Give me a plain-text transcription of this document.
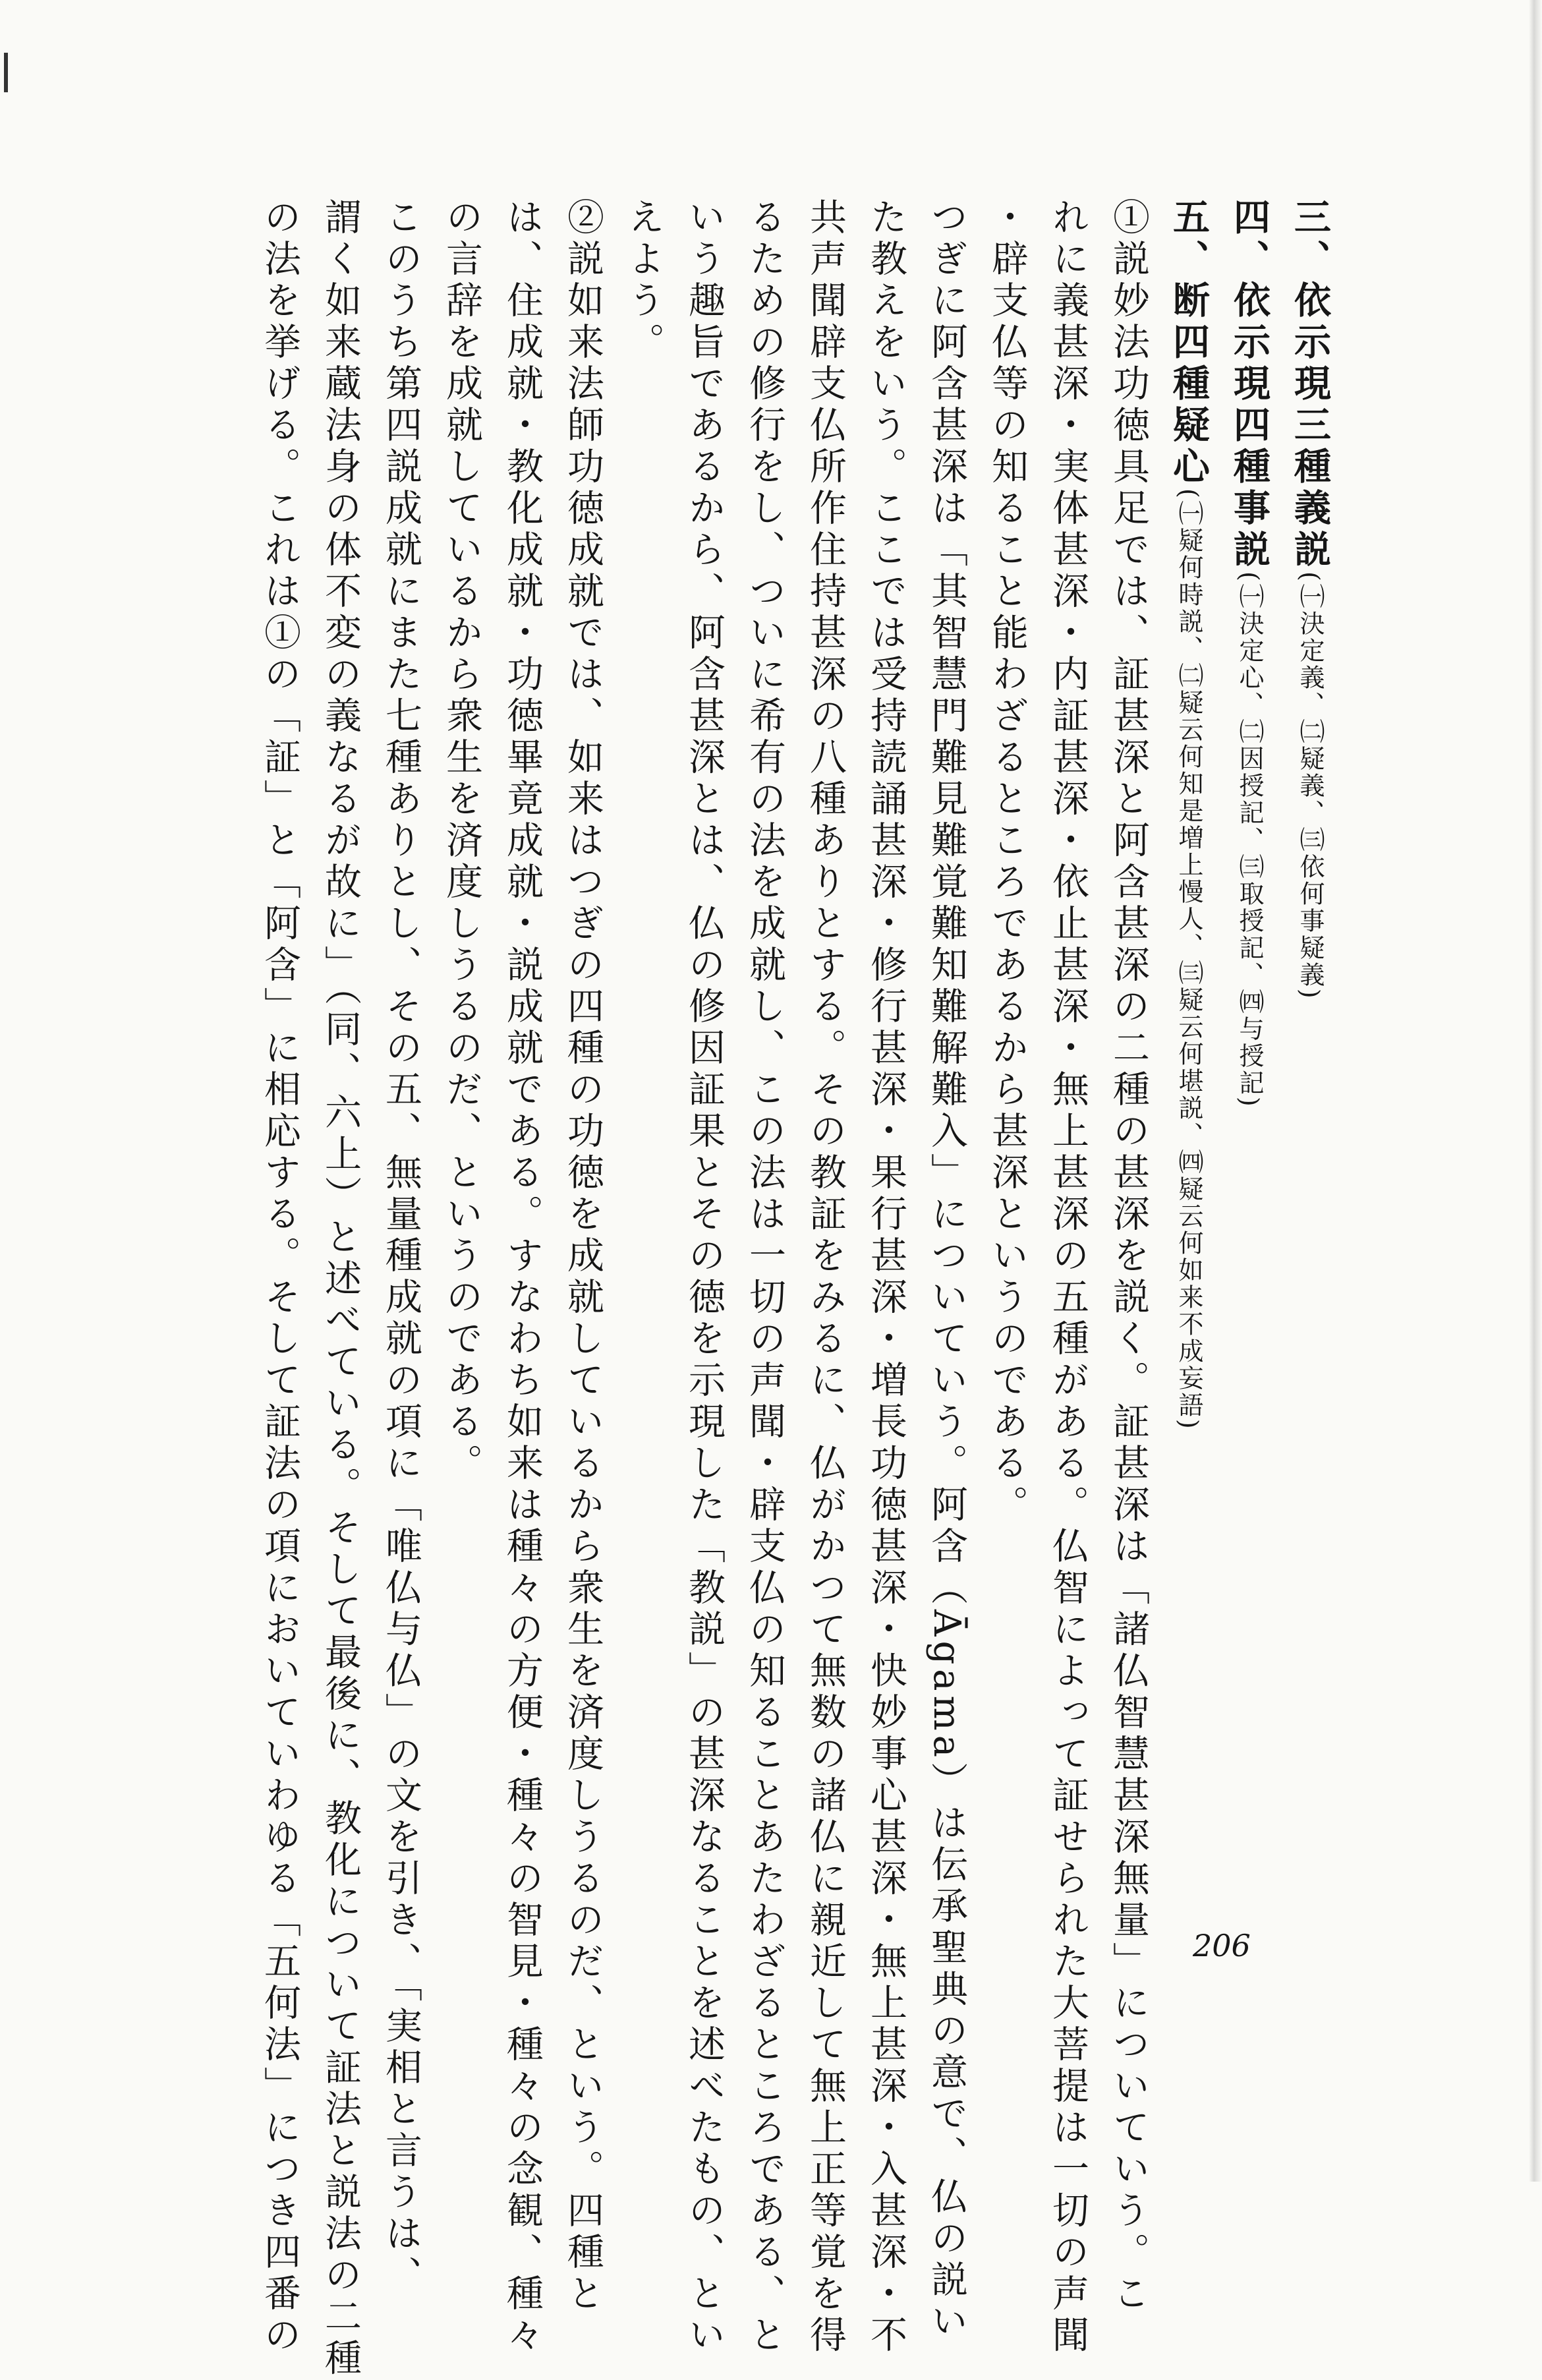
三、依示現三種義説(㈠決定義、㈡疑義、㈢依何事疑義)
四、依示現四種事説(㈠決定心、㈡因授記、㈢取授記、㈣与授記)
五、断四種疑心(㈠疑何時説、㈡疑云何知是増上慢人、㈢疑云何堪説、㈣疑云何如来不成妄語)
①説妙法功徳具足では、証甚深と阿含甚深の二種の甚深を説く。証甚深は「諸仏智慧甚深無量」についていう。こ
れに義甚深・実体甚深・内証甚深・依止甚深・無上甚深の五種がある。仏智によって証せられた大菩提は一切の声聞
・辟支仏等の知ること能わざるところであるから甚深というのである。
つぎに阿含甚深は「其智慧門難見難覚難知難解難入」についていう。阿含（Āgama）は伝承聖典の意で、仏の説い
た教えをいう。ここでは受持読誦甚深・修行甚深・果行甚深・増長功徳甚深・快妙事心甚深・無上甚深・入甚深・不
共声聞辟支仏所作住持甚深の八種ありとする。その教証をみるに、仏がかつて無数の諸仏に親近して無上正等覚を得
るための修行をし、ついに希有の法を成就し、この法は一切の声聞・辟支仏の知ることあたわざるところである、と
いう趣旨であるから、阿含甚深とは、仏の修因証果とその徳を示現した「教説」の甚深なることを述べたもの、とい
えよう。
②説如来法師功徳成就では、如来はつぎの四種の功徳を成就しているから衆生を済度しうるのだ、という。四種と
は、住成就・教化成就・功徳畢竟成就・説成就である。すなわち如来は種々の方便・種々の智見・種々の念観、種々
の言辞を成就しているから衆生を済度しうるのだ、というのである。
このうち第四説成就にまた七種ありとし、その五、無量種成就の項に「唯仏与仏」の文を引き、「実相と言うは、
謂く如来蔵法身の体不変の義なるが故に」（同、六上）と述べている。そして最後に、教化について証法と説法の二種
の法を挙げる。これは①の「証」と「阿含」に相応する。そして証法の項においていわゆる「五何法」につき四番の	206
